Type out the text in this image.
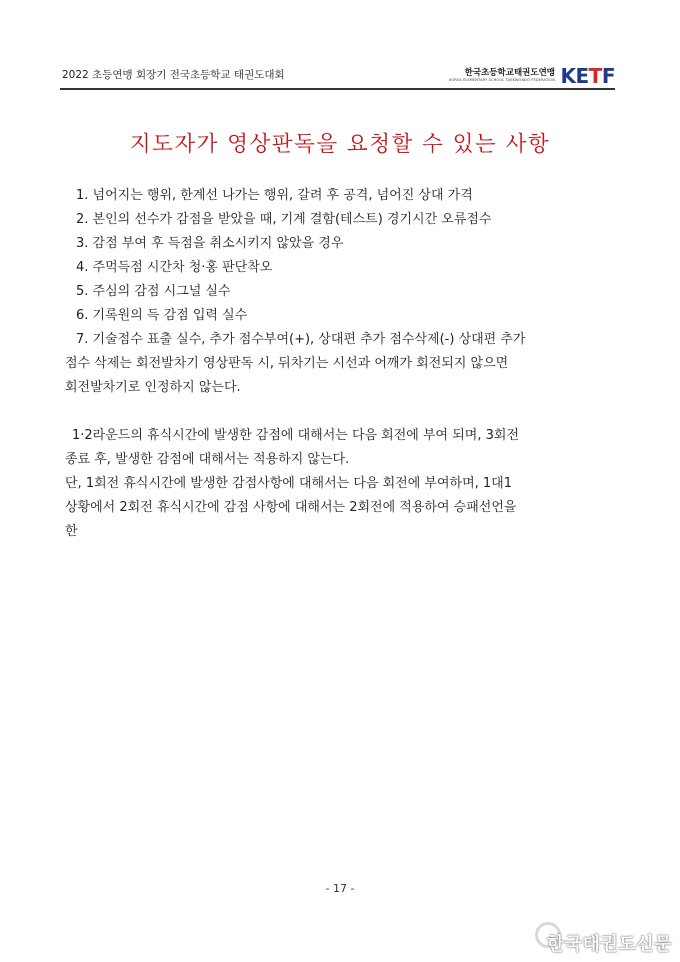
2022 초등연맹 회장기 전국초등학교 태권도대회	한국초등학교태권도연맹
KOREA ELEMENTARY SCHOOL TAEKWONDO FEDERATION KETF
지도자가 영상판독을 요청할 수 있는 사항
1. 넘어지는 행위, 한계선 나가는 행위, 갈려 후 공격, 넘어진 상대 가격
2. 본인의 선수가 감점을 받았을 때, 기계 결함(테스트) 경기시간 오류점수
3. 감점 부여 후 득점을 취소시키지 않았을 경우
4. 주먹득점 시간차 청·홍 판단착오
5. 주심의 감점 시그널 실수
6. 기록원의 득 감점 입력 실수
7. 기술점수 표출 실수, 추가 점수부여(+), 상대편 추가 점수삭제(-) 상대편 추가
점수 삭제는 회전발차기 영상판독 시, 뒤차기는 시선과 어깨가 회전되지 않으면
회전발차기로 인정하지 않는다.
1·2라운드의 휴식시간에 발생한 감점에 대해서는 다음 회전에 부여 되며, 3회전
종료 후, 발생한 감점에 대해서는 적용하지 않는다.
단, 1회전 휴식시간에 발생한 감점사항에 대해서는 다음 회전에 부여하며, 1대1
상황에서 2회전 휴식시간에 감점 사항에 대해서는 2회전에 적용하여 승패선언을
한
- 17 -
한국태권도신문
